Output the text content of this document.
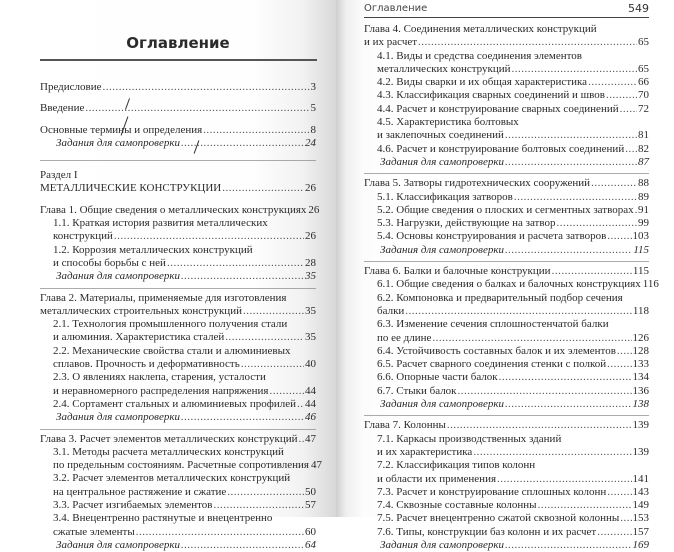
Оглавление
Предисловие .....	3
Введение .....	5
Основные термины и определения .....	8
Задания для самопроверки .....	24
Раздел I
МЕТАЛЛИЧЕСКИЕ КОНСТРУКЦИИ .....	26
Глава 1. Общие сведения о металлических конструкциях 26
1.1. Краткая история развития металлических
конструкций .....	26
1.2. Коррозия металлических конструкций
и способы борьбы с ней .....	28
Задания для самопроверки .....	35
Глава 2. Материалы, применяемые для изготовления
металлических строительных конструкций .....	35
2.1. Технология промышленного получения стали
и алюминия. Характеристика сталей .....	35
2.2. Механические свойства стали и алюминиевых
сплавов. Прочность и деформативность .....	40
2.3. О явлениях наклепа, старения, усталости
и неравномерного распределения напряжения .....	44
2.4. Сортамент стальных и алюминиевых профилей ..... 44
Задания для самопроверки .....	46
Глава 3. Расчет элементов металлических конструкций ..... 47
3.1. Методы расчета металлических конструкций
по предельным состояниям. Расчетные сопротивления 47
3.2. Расчет элементов металлических конструкций
на центральное растяжение и сжатие .....	50
3.3. Расчет изгибаемых элементов .....	57
3.4. Внецентренно растянутые и внецентренно
сжатые элементы .....	60
Задания для самопроверки .....	64
Оглавление	549
Глава 4. Соединения металлических конструкций
и их расчет .....	65
4.1. Виды и средства соединения элементов
металлических конструкций .....	65
4.2. Виды сварки и их общая характеристика .....	66
4.3. Классификация сварных соединений и швов .....	70
4.4. Расчет и конструирование сварных соединений ..... 72
4.5. Характеристика болтовых
и заклепочных соединений .....	81
4.6. Расчет и конструирование болтовых соединений ..... 82
Задания для самопроверки .....	87
Глава 5. Затворы гидротехнических сооружений .....	88
5.1. Классификация затворов .....	89
5.2. Общие сведения о плоских и сегментных затворах ..... 91
5.3. Нагрузки, действующие на затвор .....	99
5.4. Основы конструирования и расчета затворов ..... 103
Задания для самопроверки .....	115
Глава 6. Балки и балочные конструкции .....	115
6.1. Общие сведения о балках и балочных конструкциях 116
6.2. Компоновка и предварительный подбор сечения
балки .....	118
6.3. Изменение сечения сплошностенчатой балки
по ее длине .....	126
6.4. Устойчивость составных балок и их элементов ..... 128
6.5. Расчет сварного соединения стенки с полкой ..... 133
6.6. Опорные части балок .....	134
6.7. Стыки балок .....	136
Задания для самопроверки .....	138
Глава 7. Колонны .....	139
7.1. Каркасы производственных зданий
и их характеристика .....	139
7.2. Классификация типов колонн
и области их применения .....	141
7.3. Расчет и конструирование сплошных колонн ..... 143
7.4. Сквозные составные колонны .....	149
7.5. Расчет внецентренно сжатой сквозной колонны ..... 153
7.6. Типы, конструкции баз колонн и их расчет .....	157
Задания для самопроверки .....	169
